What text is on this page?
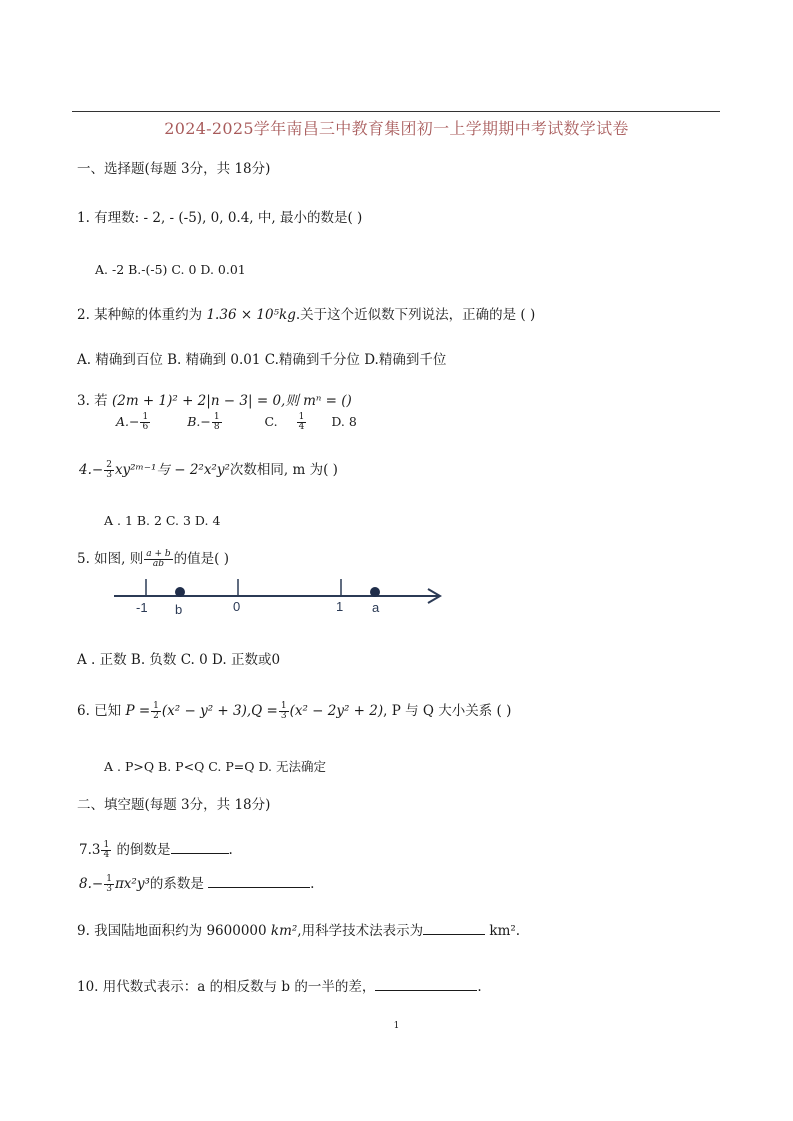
2024-2025学年南昌三中教育集团初一上学期期中考试数学试卷
一、选择题(每题 3分，共 18分)
1. 有理数: - 2, - (-5), 0, 0.4, 中, 最小的数是( )
A. -2 B.-(-5) C. 0 D. 0.01
2. 某种鲸的体重约为 1.36 × 10⁵kg.关于这个近似数下列说法，正确的是 ( )
A. 精确到百位 B. 精确到 0.01 C.精确到千分位 D.精确到千位
3. 若 (2m + 1)² + 2|n − 3| = 0,则 mⁿ = ()
$A.- \frac{1}{6}$	$B.- \frac{1}{8}$	C. $\frac{1}{4} D$. 8
$4.- \frac{2}{3}$ xy²ᵐ⁻¹与 − 2²x²y²次数相同, m 为( )
A . 1 B. 2 C. 3 D. 4
5. 如图, 则 $\frac{a + b}{ab}$ 的值是( )
-1 b	0	1 a
A . 正数 B. 负数 C. 0 D. 正数或0
6. 已知 $P = \frac{1}{2} (x^2 - y^2 + 3),Q = \frac{1}{3} (x^2 - 2y^2 + 2)$, P 与 Q 大小关系 ( )
A . P>Q B. P<Q C. P=Q D. 无法确定
二、填空题(每题 3分，共 18分)
$7.3 \frac{1}{4}$ 的倒数是	.
$8.- \frac{1}{3} \pi x^2y^3$的系数是	.
9. 我国陆地面积约为 9600000 km²,用科学技术法表示为	km².
10. 用代数式表示：a 的相反数与 b 的一半的差，	.
1
